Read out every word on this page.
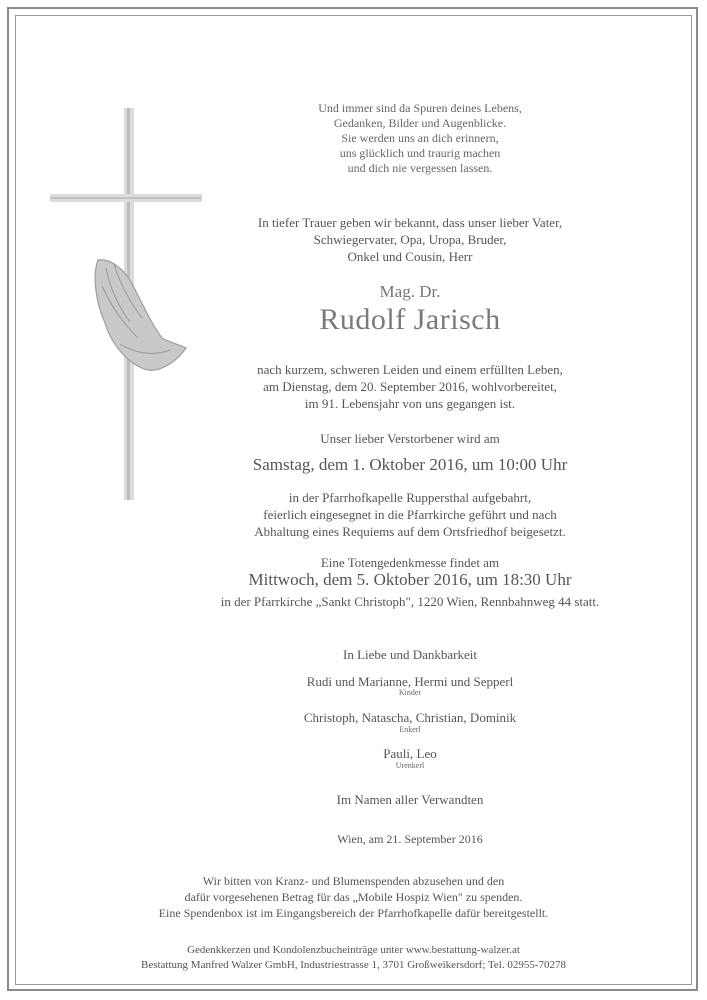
Und immer sind da Spuren deines Lebens,
Gedanken, Bilder und Augenblicke.
Sie werden uns an dich erinnern,
uns glücklich und traurig machen
und dich nie vergessen lassen.
In tiefer Trauer geben wir bekannt, dass unser lieber Vater,
Schwiegervater, Opa, Uropa, Bruder,
Onkel und Cousin, Herr
Mag. Dr.
Rudolf Jarisch
nach kurzem, schweren Leiden und einem erfüllten Leben,
am Dienstag, dem 20. September 2016, wohlvorbereitet,
im 91. Lebensjahr von uns gegangen ist.
Unser lieber Verstorbener wird am
Samstag, dem 1. Oktober 2016, um 10:00 Uhr
in der Pfarrhofkapelle Ruppersthal aufgebahrt,
feierlich eingesegnet in die Pfarrkirche geführt und nach
Abhaltung eines Requiems auf dem Ortsfriedhof beigesetzt.
Eine Totengedenkmesse findet am
Mittwoch, dem 5. Oktober 2016, um 18:30 Uhr
in der Pfarrkirche „Sankt Christoph", 1220 Wien, Rennbahnweg 44 statt.
In Liebe und Dankbarkeit
Rudi und Marianne, Hermi und Sepperl
Kinder
Christoph, Natascha, Christian, Dominik
Enkerl
Pauli, Leo
Urenkerl
Im Namen aller Verwandten
Wien, am 21. September 2016
Wir bitten von Kranz- und Blumenspenden abzusehen und den
dafür vorgesehenen Betrag für das „Mobile Hospiz Wien" zu spenden.
Eine Spendenbox ist im Eingangsbereich der Pfarrhofkapelle dafür bereitgestellt.
Gedenkkerzen und Kondolenzbucheinträge unter www.bestattung-walzer.at
Bestattung Manfred Walzer GmbH, Industriestrasse 1, 3701 Großweikersdorf; Tel. 02955-70278
